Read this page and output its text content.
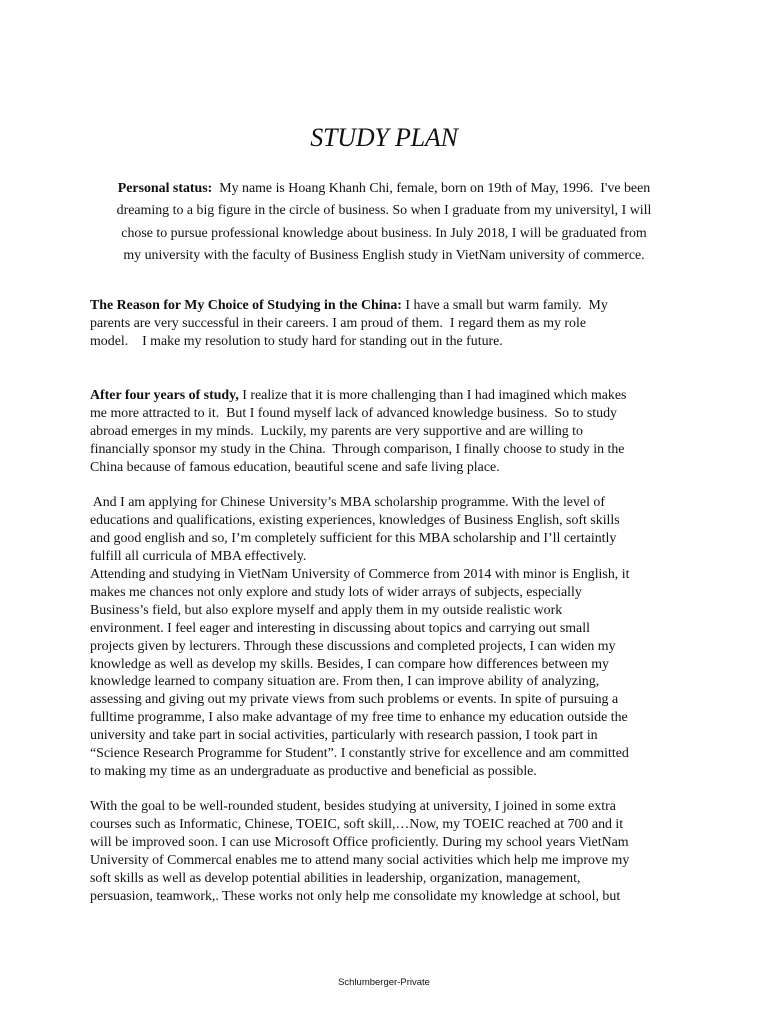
STUDY PLAN

Personal status:  My name is Hoang Khanh Chi, female, born on 19th of May, 1996.  I've been
dreaming to a big figure in the circle of business. So when I graduate from my universityl, I will
chose to pursue professional knowledge about business. In July 2018, I will be graduated from
my university with the faculty of Business English study in VietNam university of commerce.

The Reason for My Choice of Studying in the China: I have a small but warm family.  My
parents are very successful in their careers. I am proud of them.  I regard them as my role
model.    I make my resolution to study hard for standing out in the future.

After four years of study, I realize that it is more challenging than I had imagined which makes
me more attracted to it.  But I found myself lack of advanced knowledge business.  So to study
abroad emerges in my minds.  Luckily, my parents are very supportive and are willing to
financially sponsor my study in the China.  Through comparison, I finally choose to study in the
China because of famous education, beautiful scene and safe living place.

And I am applying for Chinese University’s MBA scholarship programme. With the level of
educations and qualifications, existing experiences, knowledges of Business English, soft skills
and good english and so, I’m completely sufficient for this MBA scholarship and I’ll certaintly
fulfill all curricula of MBA effectively.

Attending and studying in VietNam University of Commerce from 2014 with minor is English, it
makes me chances not only explore and study lots of wider arrays of subjects, especially
Business’s field, but also explore myself and apply them in my outside realistic work
environment. I feel eager and interesting in discussing about topics and carrying out small
projects given by lecturers. Through these discussions and completed projects, I can widen my
knowledge as well as develop my skills. Besides, I can compare how differences between my
knowledge learned to company situation are. From then, I can improve ability of analyzing,
assessing and giving out my private views from such problems or events. In spite of pursuing a
fulltime programme, I also make advantage of my free time to enhance my education outside the
university and take part in social activities, particularly with research passion, I took part in
“Science Research Programme for Student”. I constantly strive for excellence and am committed
to making my time as an undergraduate as productive and beneficial as possible.

With the goal to be well-rounded student, besides studying at university, I joined in some extra
courses such as Informatic, Chinese, TOEIC, soft skill,…Now, my TOEIC reached at 700 and it
will be improved soon. I can use Microsoft Office proficiently. During my school years VietNam
University of Commercal enables me to attend many social activities which help me improve my
soft skills as well as develop potential abilities in leadership, organization, management,
persuasion, teamwork,. These works not only help me consolidate my knowledge at school, but

Schlumberger-Private
